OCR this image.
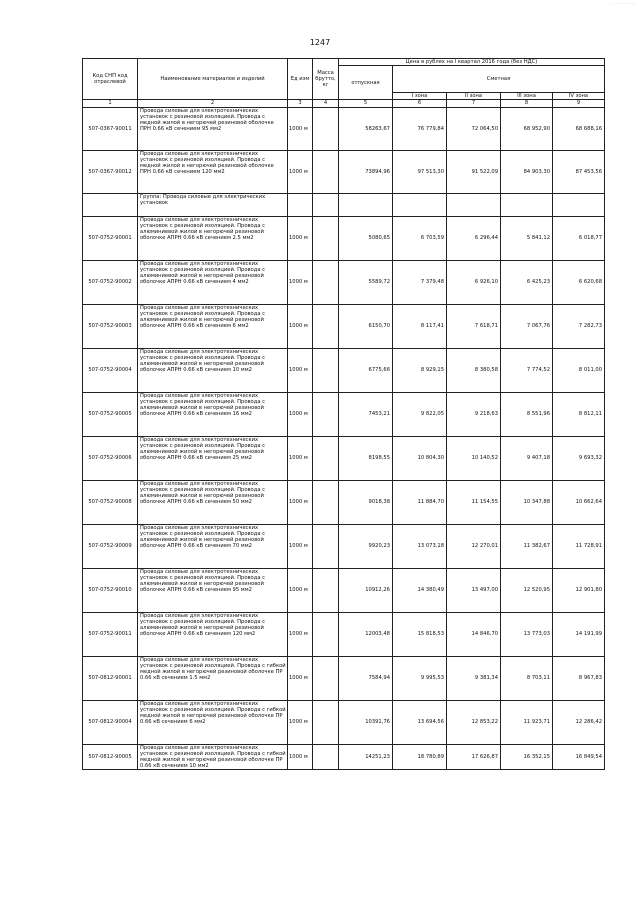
. . . . . . . .
1247
Код СНП код отраслевой	Наименование материалов и изделий	Ед изм	Масса брутто, кг	Цена в рублях на I квартал 2016 года (без НДС)				
				отпускная	Сметная			
					I зона	II зона	III зона	IV зона
1	2	3	4	5	6	7	8	9
507-0367-90011	Провода силовые для электротехнических установок с резиновой изоляцией. Провода с медной жилой в негорючей резиновой оболочке ПРН 0.66 кВ сечением 95 мм2	1000 м		58263,67	76 779,84	72 064,50	68 952,90	68 688,16
507-0367-90012	Провода силовые для электротехнических установок с резиновой изоляцией. Провода с медной жилой в негорючей резиновой оболочке ПРН 0.66 кВ сечением 120 мм2	1000 м		73894,96	97 513,30	91 522,09	84 903,30	87 453,56
	Группа: Провода силовые для электрических установок							
507-0752-90001	Провода силовые для электротехнических установок с резиновой изоляцией. Провода с алюминиевой жилой в негорючей резиновой оболочке АПРН 0.66 кВ сечением 2.5 мм2	1000 м		5080,65	6 703,59	6 296,44	5 841,12	6 018,77
507-0752-90002	Провода силовые для электротехнических установок с резиновой изоляцией. Провода с алюминиевой жилой в негорючей резиновой оболочке АПРН 0.66 кВ сечением 4 мм2	1000 м		5589,72	7 379,48	6 926,10	6 425,23	6 620,68
507-0752-90003	Провода силовые для электротехнических установок с резиновой изоляцией. Провода с алюминиевой жилой в негорючей резиновой оболочке АПРН 0.66 кВ сечением 6 мм2	1000 м		6150,70	8 117,41	7 618,71	7 067,76	7 282,73
507-0752-90004	Провода силовые для электротехнических установок с резиновой изоляцией. Провода с алюминиевой жилой в негорючей резиновой оболочке АПРН 0.66 кВ сечением 10 мм2	1000 м		6775,66	8 929,15	8 380,58	7 774,52	8 011,00
507-0752-90005	Провода силовые для электротехнических установок с резиновой изоляцией. Провода с алюминиевой жилой в негорючей резиновой оболочке АПРН 0.66 кВ сечением 16 мм2	1000 м		7453,21	9 822,05	9 218,63	8 551,96	8 812,11
507-0752-90006	Провода силовые для электротехнических установок с резиновой изоляцией. Провода с алюминиевой жилой в негорючей резиновой оболочке АПРН 0.66 кВ сечением 25 мм2	1000 м		8198,55	10 804,30	10 140,52	9 407,18	9 693,32
507-0752-90008	Провода силовые для электротехнических установок с резиновой изоляцией. Провода с алюминиевой жилой в негорючей резиновой оболочке АПРН 0.66 кВ сечением 50 мм2	1000 м		9018,38	11 884,70	11 154,55	10 347,88	10 662,64
507-0752-90009	Провода силовые для электротехнических установок с резиновой изоляцией. Провода с алюминиевой жилой в негорючей резиновой оболочке АПРН 0.66 кВ сечением 70 мм2	1000 м		9920,23	13 073,18	12 270,01	11 382,67	11 728,91
507-0752-90010	Провода силовые для электротехнических установок с резиновой изоляцией. Провода с алюминиевой жилой в негорючей резиновой оболочке АПРН 0.66 кВ сечением 95 мм2	1000 м		10912,26	14 380,49	13 497,00	12 520,95	12 901,80
507-0752-90011	Провода силовые для электротехнических установок с резиновой изоляцией. Провода с алюминиевой жилой в негорючей резиновой оболочке АПРН 0.66 кВ сечением 120 мм2	1000 м		12003,48	15 818,53	14 846,70	13 773,03	14 191,99
507-0812-90001	Провода силовые для электротехнических установок с резиновой изоляцией. Провода с гибкой медной жилой в негорючей резиновой оболочке ПР 0.66 кВ сечением 1.5 мм2	1000 м		7584,94	9 995,53	9 381,34	8 703,11	8 967,83
507-0812-90004	Провода силовые для электротехнических установок с резиновой изоляцией. Провода с гибкой медной жилой в негорючей резиновой оболочке ПР 0.66 кВ сечением 6 мм2	1000 м		10391,76	13 694,56	12 853,22	11 923,71	12 286,42
507-0812-90005	Провода силовые для электротехнических установок с резиновой изоляцией. Провода с гибкой медной жилой в негорючей резиновой оболочке ПР 0.66 кВ сечением 10 мм2	1000 м		14251,23	18 780,89	17 626,87	16 352,15	16 849,54
